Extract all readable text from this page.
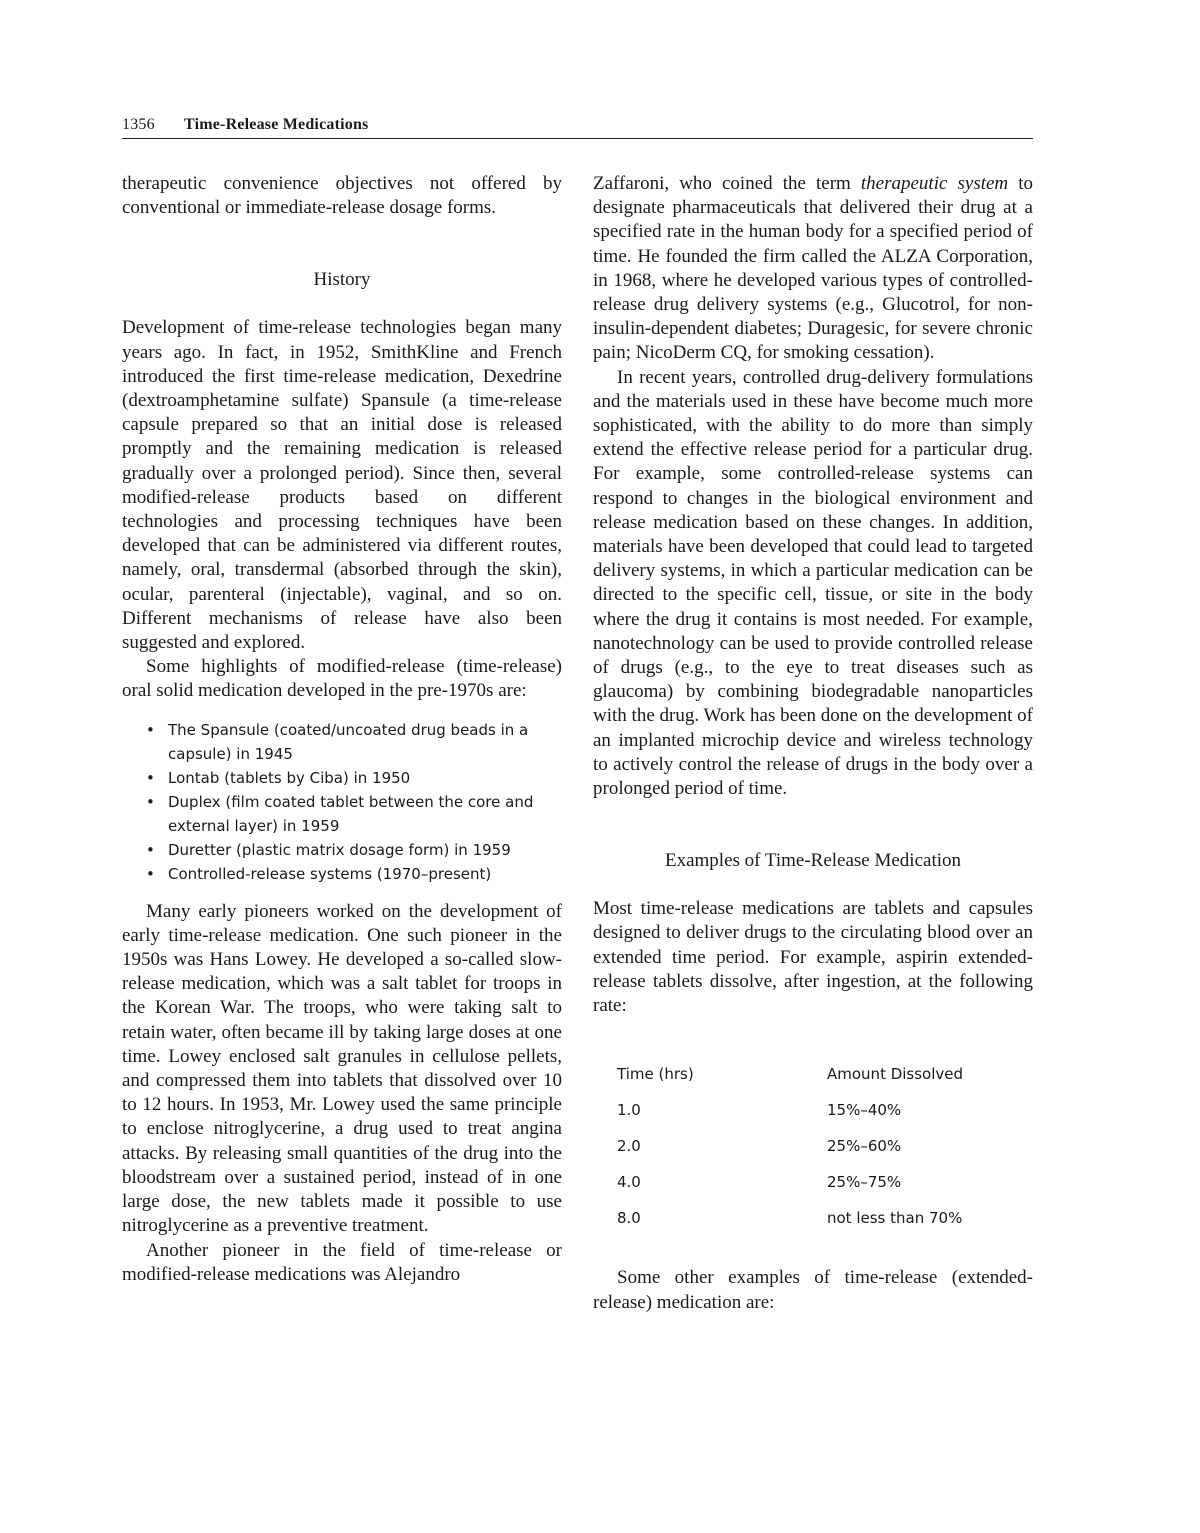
1356 Time-Release Medications

therapeutic convenience objectives not offered by conventional or immediate-release dosage forms.

History

Development of time-release technologies began many years ago. In fact, in 1952, SmithKline and French introduced the first time-release medication, Dexedrine (dextroamphetamine sulfate) Spansule (a time-release capsule prepared so that an initial dose is released promptly and the remaining medication is released gradually over a prolonged period). Since then, several modified-release products based on different technologies and processing techniques have been developed that can be administered via different routes, namely, oral, transdermal (absorbed through the skin), ocular, parenteral (injectable), vaginal, and so on. Different mechanisms of release have also been suggested and explored.

Some highlights of modified-release (time-release) oral solid medication developed in the pre-1970s are:

• The Spansule (coated/uncoated drug beads in a capsule) in 1945
• Lontab (tablets by Ciba) in 1950
• Duplex (film coated tablet between the core and external layer) in 1959
• Duretter (plastic matrix dosage form) in 1959
• Controlled-release systems (1970–present)

Many early pioneers worked on the development of early time-release medication. One such pioneer in the 1950s was Hans Lowey. He developed a so-called slow-release medication, which was a salt tablet for troops in the Korean War. The troops, who were taking salt to retain water, often became ill by taking large doses at one time. Lowey enclosed salt granules in cellulose pellets, and compressed them into tablets that dissolved over 10 to 12 hours. In 1953, Mr. Lowey used the same principle to enclose nitroglycerine, a drug used to treat angina attacks. By releasing small quantities of the drug into the bloodstream over a sustained period, instead of in one large dose, the new tablets made it possible to use nitroglycerine as a preventive treatment.

Another pioneer in the field of time-release or modified-release medications was Alejandro

Zaffaroni, who coined the term therapeutic system to designate pharmaceuticals that delivered their drug at a specified rate in the human body for a specified period of time. He founded the firm called the ALZA Corporation, in 1968, where he developed various types of controlled-release drug delivery systems (e.g., Glucotrol, for non-insulin-dependent diabetes; Duragesic, for severe chronic pain; NicoDerm CQ, for smoking cessation).

In recent years, controlled drug-delivery formulations and the materials used in these have become much more sophisticated, with the ability to do more than simply extend the effective release period for a particular drug. For example, some controlled-release systems can respond to changes in the biological environment and release medication based on these changes. In addition, materials have been developed that could lead to targeted delivery systems, in which a particular medication can be directed to the specific cell, tissue, or site in the body where the drug it contains is most needed. For example, nanotechnology can be used to provide controlled release of drugs (e.g., to the eye to treat diseases such as glaucoma) by combining biodegradable nanoparticles with the drug. Work has been done on the development of an implanted microchip device and wireless technology to actively control the release of drugs in the body over a prolonged period of time.

Examples of Time-Release Medication

Most time-release medications are tablets and capsules designed to deliver drugs to the circulating blood over an extended time period. For example, aspirin extended-release tablets dissolve, after ingestion, at the following rate:

Time (hrs)	Amount Dissolved
1.0	15%–40%
2.0	25%–60%
4.0	25%–75%
8.0	not less than 70%

Some other examples of time-release (extended-release) medication are:
